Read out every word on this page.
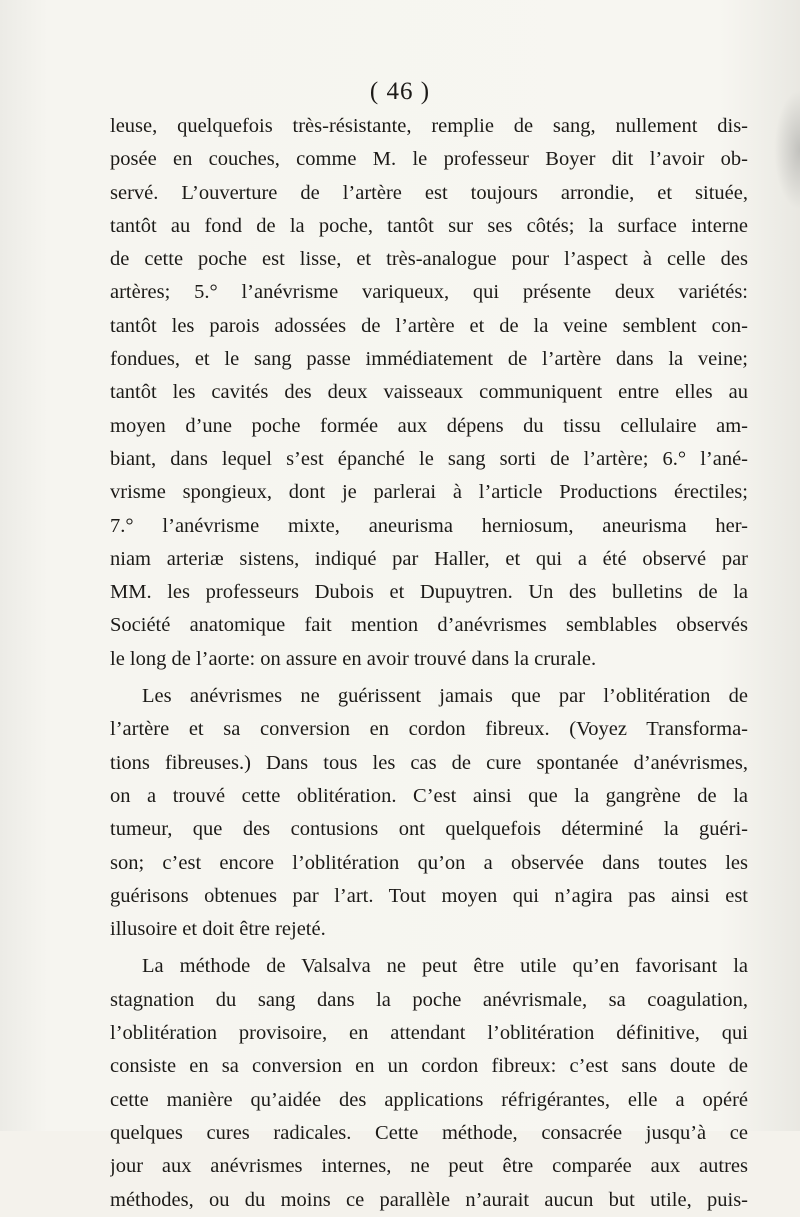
( 46 )
leuse, quelquefois très-résistante, remplie de sang, nullement dis-
posée en couches, comme M. le professeur Boyer dit l’avoir ob-
servé. L’ouverture de l’artère est toujours arrondie, et située,
tantôt au fond de la poche, tantôt sur ses côtés; la surface interne
de cette poche est lisse, et très-analogue pour l’aspect à celle des
artères; 5.° l’anévrisme variqueux, qui présente deux variétés:
tantôt les parois adossées de l’artère et de la veine semblent con-
fondues, et le sang passe immédiatement de l’artère dans la veine;
tantôt les cavités des deux vaisseaux communiquent entre elles au
moyen d’une poche formée aux dépens du tissu cellulaire am-
biant, dans lequel s’est épanché le sang sorti de l’artère; 6.° l’ané-
vrisme spongieux, dont je parlerai à l’article Productions érectiles;
7.° l’anévrisme mixte, aneurisma herniosum, aneurisma her-
niam arteriæ sistens, indiqué par Haller, et qui a été observé par
MM. les professeurs Dubois et Dupuytren. Un des bulletins de la
Société anatomique fait mention d’anévrismes semblables observés
le long de l’aorte: on assure en avoir trouvé dans la crurale.
Les anévrismes ne guérissent jamais que par l’oblitération de
l’artère et sa conversion en cordon fibreux. (Voyez Transforma-
tions fibreuses.) Dans tous les cas de cure spontanée d’anévrismes,
on a trouvé cette oblitération. C’est ainsi que la gangrène de la
tumeur, que des contusions ont quelquefois déterminé la guéri-
son; c’est encore l’oblitération qu’on a observée dans toutes les
guérisons obtenues par l’art. Tout moyen qui n’agira pas ainsi est
illusoire et doit être rejeté.
La méthode de Valsalva ne peut être utile qu’en favorisant la
stagnation du sang dans la poche anévrismale, sa coagulation,
l’oblitération provisoire, en attendant l’oblitération définitive, qui
consiste en sa conversion en un cordon fibreux: c’est sans doute de
cette manière qu’aidée des applications réfrigérantes, elle a opéré
quelques cures radicales. Cette méthode, consacrée jusqu’à ce
jour aux anévrismes internes, ne peut être comparée aux autres
méthodes, ou du moins ce parallèle n’aurait aucun but utile, puis-
